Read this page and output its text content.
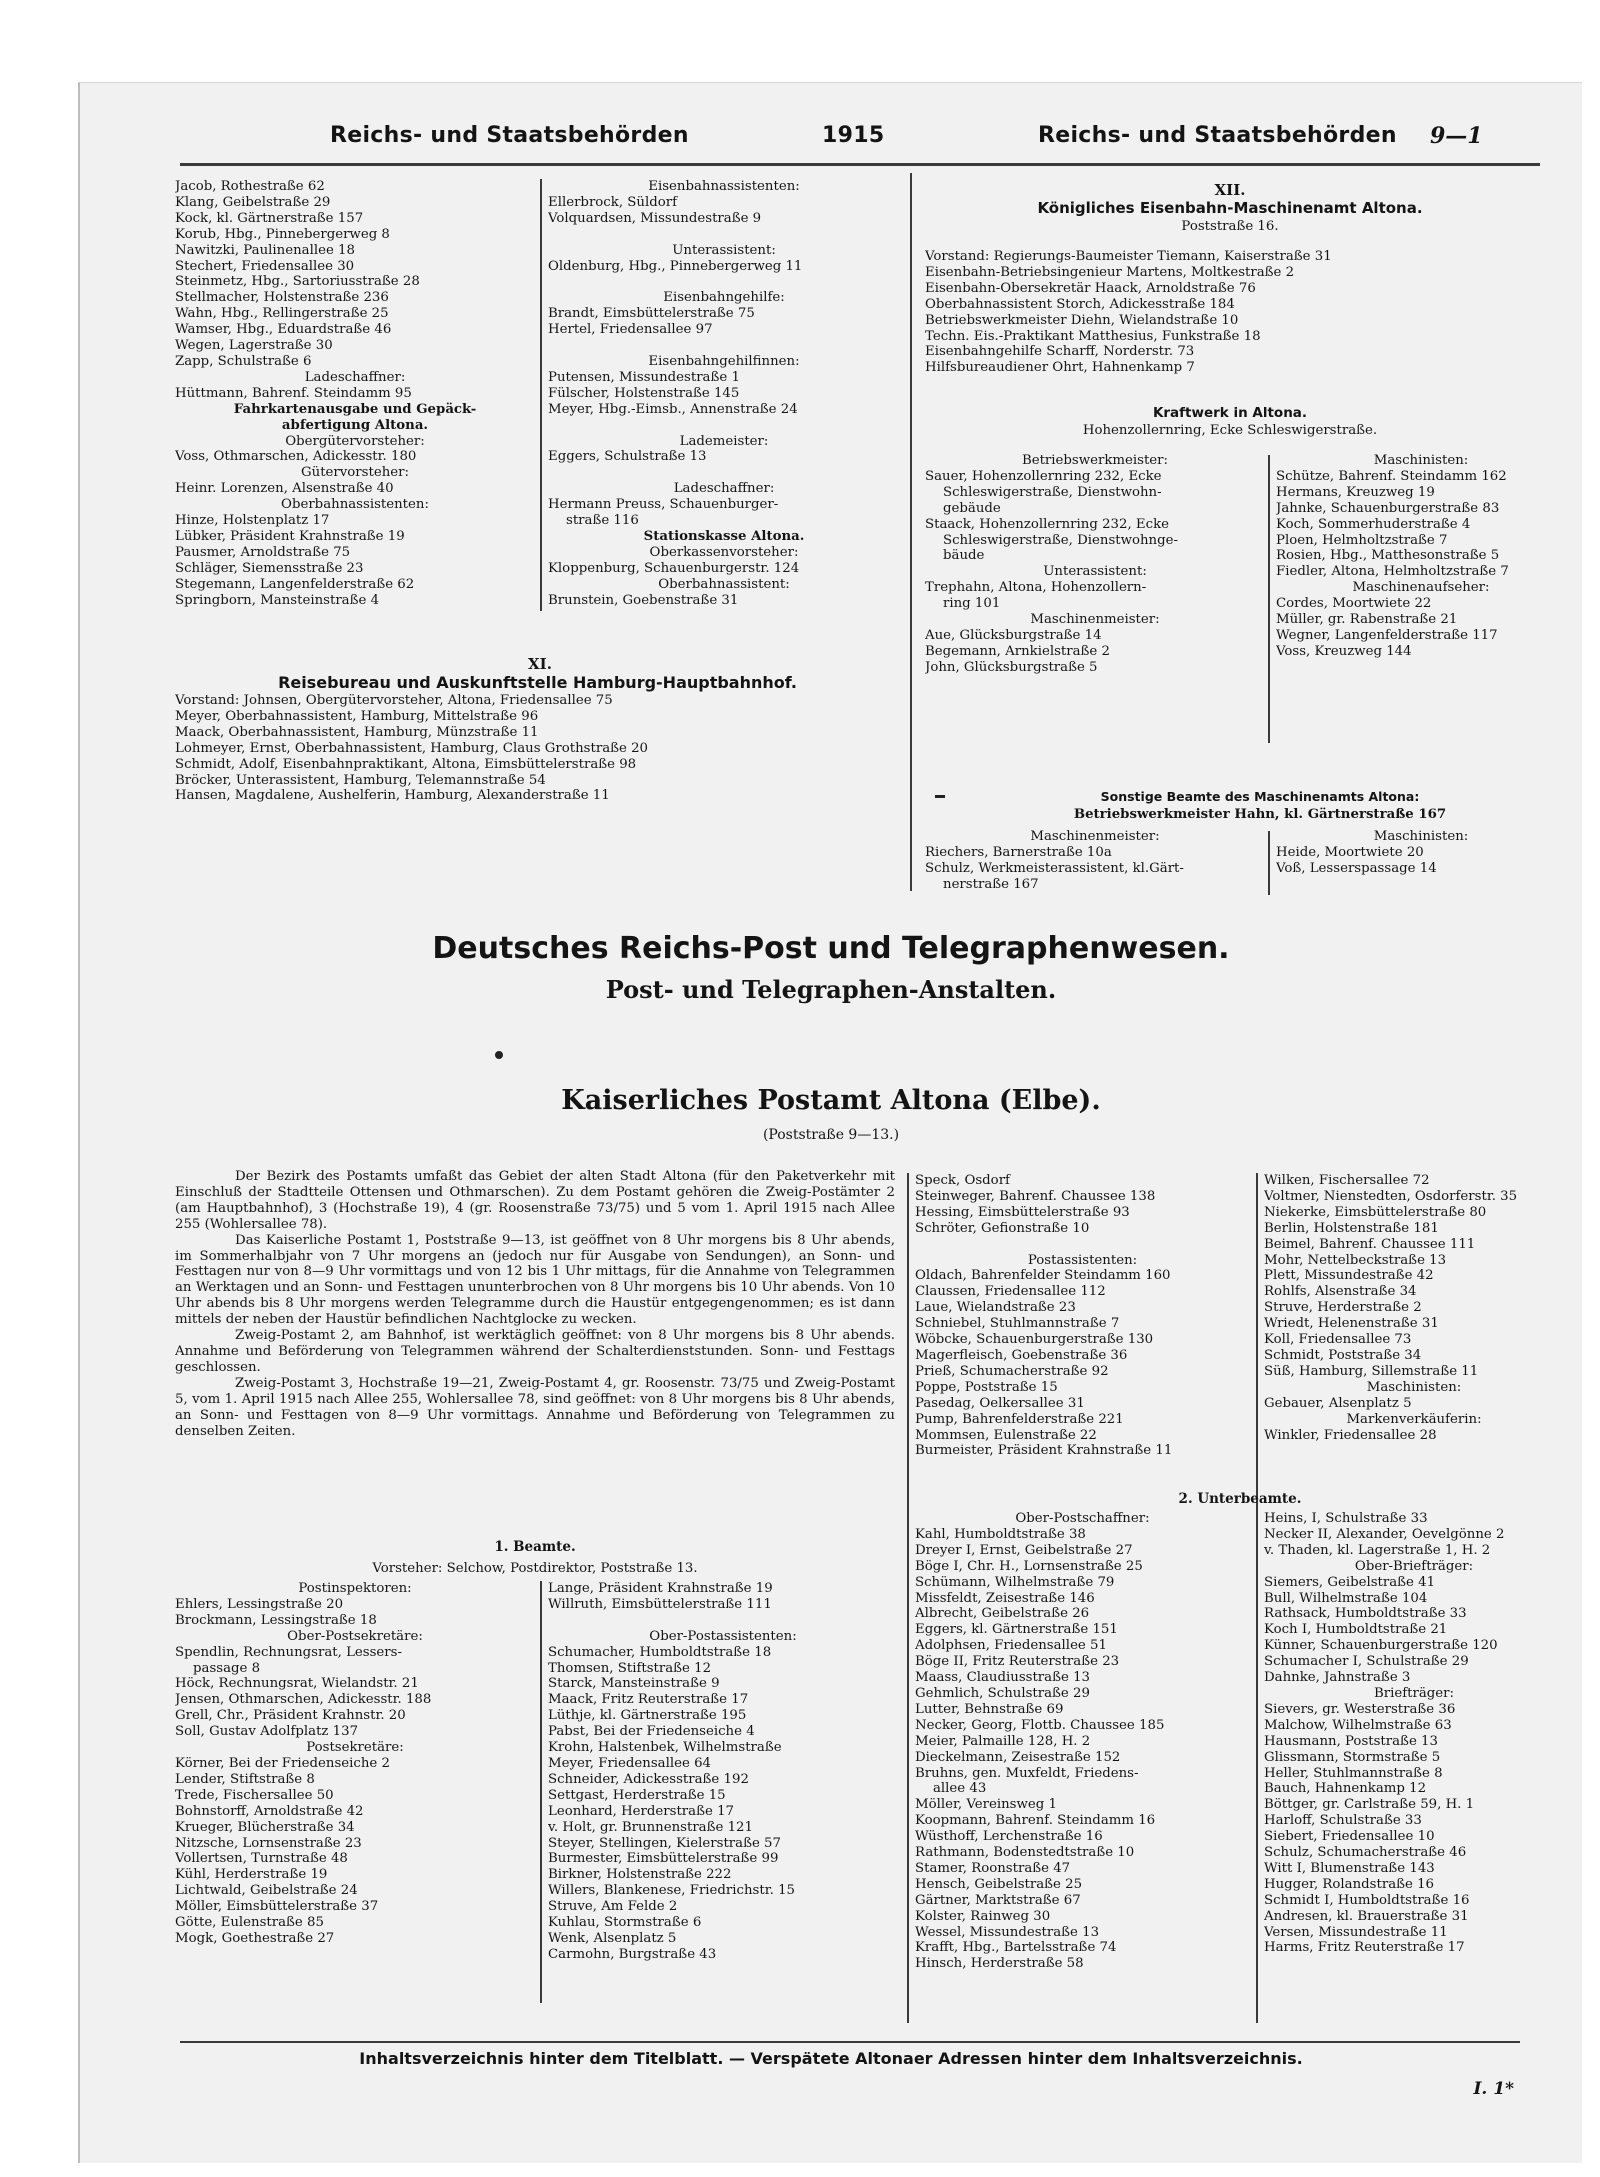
Reichs- und Staatsbehörden	1915	Reichs- und Staatsbehörden 9—1
Jacob, Rothestraße 62
Klang, Geibelstraße 29
Kock, kl. Gärtnerstraße 157
Korub, Hbg., Pinnebergerweg 8
Nawitzki, Paulinenallee 18
Stechert, Friedensallee 30
Steinmetz, Hbg., Sartoriusstraße 28
Stellmacher, Holstenstraße 236
Wahn, Hbg., Rellingerstraße 25
Wamser, Hbg., Eduardstraße 46
Wegen, Lagerstraße 30
Zapp, Schulstraße 6
Ladeschaffner:
Hüttmann, Bahrenf. Steindamm 95
Fahrkartenausgabe und Gepäck-
abfertigung Altona.
Obergütervorsteher:
Voss, Othmarschen, Adickesstr. 180
Gütervorsteher:
Heinr. Lorenzen, Alsenstraße 40
Oberbahnassistenten:
Hinze, Holstenplatz 17
Lübker, Präsident Krahnstraße 19
Pausmer, Arnoldstraße 75
Schläger, Siemensstraße 23
Stegemann, Langenfelderstraße 62
Springborn, Mansteinstraße 4
Eisenbahnassistenten:
Ellerbrock, Süldorf
Volquardsen, Missundestraße 9

Unterassistent:
Oldenburg, Hbg., Pinnebergerweg 11

Eisenbahngehilfe:
Brandt, Eimsbüttelerstraße 75
Hertel, Friedensallee 97

Eisenbahngehilfinnen:
Putensen, Missundestraße 1
Fülscher, Holstenstraße 145
Meyer, Hbg.-Eimsb., Annenstraße 24

Lademeister:
Eggers, Schulstraße 13

Ladeschaffner:
Hermann Preuss, Schauenburger-
straße 116
Stationskasse Altona.
Oberkassenvorsteher:
Kloppenburg, Schauenburgerstr. 124
Oberbahnassistent:
Brunstein, Goebenstraße 31
XI.
Reisebureau und Auskunftstelle Hamburg-Hauptbahnhof.
Vorstand: Johnsen, Obergütervorsteher, Altona, Friedensallee 75
Meyer, Oberbahnassistent, Hamburg, Mittelstraße 96
Maack, Oberbahnassistent, Hamburg, Münzstraße 11
Lohmeyer, Ernst, Oberbahnassistent, Hamburg, Claus Grothstraße 20
Schmidt, Adolf, Eisenbahnpraktikant, Altona, Eimsbüttelerstraße 98
Bröcker, Unterassistent, Hamburg, Telemannstraße 54
Hansen, Magdalene, Aushelferin, Hamburg, Alexanderstraße 11
XII.
Königliches Eisenbahn-Maschinenamt Altona.
Poststraße 16.
Vorstand: Regierungs-Baumeister Tiemann, Kaiserstraße 31
Eisenbahn-Betriebsingenieur Martens, Moltkestraße 2
Eisenbahn-Obersekretär Haack, Arnoldstraße 76
Oberbahnassistent Storch, Adickesstraße 184
Betriebswerkmeister Diehn, Wielandstraße 10
Techn. Eis.-Praktikant Matthesius, Funkstraße 18
Eisenbahngehilfe Scharff, Norderstr. 73
Hilfsbureaudiener Ohrt, Hahnenkamp 7
Kraftwerk in Altona.
Hohenzollernring, Ecke Schleswigerstraße.
Betriebswerkmeister:
Sauer, Hohenzollernring 232, Ecke
Schleswigerstraße, Dienstwohn-
gebäude
Staack, Hohenzollernring 232, Ecke
Schleswigerstraße, Dienstwohnge-
bäude
Unterassistent:
Trephahn, Altona, Hohenzollern-
ring 101
Maschinenmeister:
Aue, Glücksburgstraße 14
Begemann, Arnkielstraße 2
John, Glücksburgstraße 5
Maschinisten:
Schütze, Bahrenf. Steindamm 162
Hermans, Kreuzweg 19
Jahnke, Schauenburgerstraße 83
Koch, Sommerhuderstraße 4
Ploen, Helmholtzstraße 7
Rosien, Hbg., Matthesonstraße 5
Fiedler, Altona, Helmholtzstraße 7
Maschinenaufseher:
Cordes, Moortwiete 22
Müller, gr. Rabenstraße 21
Wegner, Langenfelderstraße 117
Voss, Kreuzweg 144
Sonstige Beamte des Maschinenamts Altona:
Betriebswerkmeister Hahn, kl. Gärtnerstraße 167
Maschinenmeister:
Riechers, Barnerstraße 10a
Schulz, Werkmeisterassistent, kl.Gärt-
nerstraße 167
Maschinisten:
Heide, Moortwiete 20
Voß, Lesserspassage 14
Deutsches Reichs-Post und Telegraphenwesen.
Post- und Telegraphen-Anstalten.
Kaiserliches Postamt Altona (Elbe).
(Poststraße 9—13.)
Der Bezirk des Postamts umfaßt das Gebiet der alten Stadt Altona (für den Paketverkehr mit Einschluß der Stadtteile Ottensen und Othmarschen). Zu dem Postamt gehören die Zweig-Postämter 2 (am Hauptbahnhof), 3 (Hochstraße 19), 4 (gr. Roosenstraße 73/75) und 5 vom 1. April 1915 nach Allee 255 (Wohlersallee 78).
Das Kaiserliche Postamt 1, Poststraße 9—13, ist geöffnet von 8 Uhr morgens bis 8 Uhr abends, im Sommerhalbjahr von 7 Uhr morgens an (jedoch nur für Ausgabe von Sendungen), an Sonn- und Festtagen nur von 8—9 Uhr vormittags und von 12 bis 1 Uhr mittags, für die Annahme von Telegrammen an Werktagen und an Sonn- und Festtagen ununterbrochen von 8 Uhr morgens bis 10 Uhr abends. Von 10 Uhr abends bis 8 Uhr morgens werden Telegramme durch die Haustür entgegengenommen; es ist dann mittels der neben der Haustür befindlichen Nachtglocke zu wecken.
Zweig-Postamt 2, am Bahnhof, ist werktäglich geöffnet: von 8 Uhr morgens bis 8 Uhr abends. Annahme und Beförderung von Telegrammen während der Schalterdienststunden. Sonn- und Festtags geschlossen.
Zweig-Postamt 3, Hochstraße 19—21, Zweig-Postamt 4, gr. Roosenstr. 73/75 und Zweig-Postamt 5, vom 1. April 1915 nach Allee 255, Wohlersallee 78, sind geöffnet: von 8 Uhr morgens bis 8 Uhr abends, an Sonn- und Festtagen von 8—9 Uhr vormittags. Annahme und Beförderung von Telegrammen zu denselben Zeiten.
1. Beamte.
Vorsteher: Selchow, Postdirektor, Poststraße 13.
Postinspektoren:
Ehlers, Lessingstraße 20
Brockmann, Lessingstraße 18
Ober-Postsekretäre:
Spendlin, Rechnungsrat, Lessers-
passage 8
Höck, Rechnungsrat, Wielandstr. 21
Jensen, Othmarschen, Adickesstr. 188
Grell, Chr., Präsident Krahnstr. 20
Soll, Gustav Adolfplatz 137
Postsekretäre:
Körner, Bei der Friedenseiche 2
Lender, Stiftstraße 8
Trede, Fischersallee 50
Bohnstorff, Arnoldstraße 42
Krueger, Blücherstraße 34
Nitzsche, Lornsenstraße 23
Vollertsen, Turnstraße 48
Kühl, Herderstraße 19
Lichtwald, Geibelstraße 24
Möller, Eimsbüttelerstraße 37
Götte, Eulenstraße 85
Mogk, Goethestraße 27
Lange, Präsident Krahnstraße 19
Willruth, Eimsbüttelerstraße 111

Ober-Postassistenten:
Schumacher, Humboldtstraße 18
Thomsen, Stiftstraße 12
Starck, Mansteinstraße 9
Maack, Fritz Reuterstraße 17
Lüthje, kl. Gärtnerstraße 195
Pabst, Bei der Friedenseiche 4
Krohn, Halstenbek, Wilhelmstraße
Meyer, Friedensallee 64
Schneider, Adickesstraße 192
Settgast, Herderstraße 15
Leonhard, Herderstraße 17
v. Holt, gr. Brunnenstraße 121
Steyer, Stellingen, Kielerstraße 57
Burmester, Eimsbüttelerstraße 99
Birkner, Holstenstraße 222
Willers, Blankenese, Friedrichstr. 15
Struve, Am Felde 2
Kuhlau, Stormstraße 6
Wenk, Alsenplatz 5
Carmohn, Burgstraße 43
Speck, Osdorf
Steinweger, Bahrenf. Chaussee 138
Hessing, Eimsbüttelerstraße 93
Schröter, Gefionstraße 10

Postassistenten:
Oldach, Bahrenfelder Steindamm 160
Claussen, Friedensallee 112
Laue, Wielandstraße 23
Schniebel, Stuhlmannstraße 7
Wöbcke, Schauenburgerstraße 130
Magerfleisch, Goebenstraße 36
Prieß, Schumacherstraße 92
Poppe, Poststraße 15
Pasedag, Oelkersallee 31
Pump, Bahrenfelderstraße 221
Mommsen, Eulenstraße 22
Burmeister, Präsident Krahnstraße 11
Wilken, Fischersallee 72
Voltmer, Nienstedten, Osdorferstr. 35
Niekerke, Eimsbüttelerstraße 80
Berlin, Holstenstraße 181
Beimel, Bahrenf. Chaussee 111
Mohr, Nettelbeckstraße 13
Plett, Missundestraße 42
Rohlfs, Alsenstraße 34
Struve, Herderstraße 2
Wriedt, Helenenstraße 31
Koll, Friedensallee 73
Schmidt, Poststraße 34
Süß, Hamburg, Sillemstraße 11
Maschinisten:
Gebauer, Alsenplatz 5
Markenverkäuferin:
Winkler, Friedensallee 28
2. Unterbeamte.
Ober-Postschaffner:
Kahl, Humboldtstraße 38
Dreyer I, Ernst, Geibelstraße 27
Böge I, Chr. H., Lornsenstraße 25
Schümann, Wilhelmstraße 79
Missfeldt, Zeisestraße 146
Albrecht, Geibelstraße 26
Eggers, kl. Gärtnerstraße 151
Adolphsen, Friedensallee 51
Böge II, Fritz Reuterstraße 23
Maass, Claudiusstraße 13
Gehmlich, Schulstraße 29
Lutter, Behnstraße 69
Necker, Georg, Flottb. Chaussee 185
Meier, Palmaille 128, H. 2
Dieckelmann, Zeisestraße 152
Bruhns, gen. Muxfeldt, Friedens-
allee 43
Möller, Vereinsweg 1
Koopmann, Bahrenf. Steindamm 16
Wüsthoff, Lerchenstraße 16
Rathmann, Bodenstedtstraße 10
Stamer, Roonstraße 47
Hensch, Geibelstraße 25
Gärtner, Marktstraße 67
Kolster, Rainweg 30
Wessel, Missundestraße 13
Krafft, Hbg., Bartelsstraße 74
Hinsch, Herderstraße 58
Heins, I, Schulstraße 33
Necker II, Alexander, Oevelgönne 2
v. Thaden, kl. Lagerstraße 1, H. 2
Ober-Briefträger:
Siemers, Geibelstraße 41
Bull, Wilhelmstraße 104
Rathsack, Humboldtstraße 33
Koch I, Humboldtstraße 21
Künner, Schauenburgerstraße 120
Schumacher I, Schulstraße 29
Dahnke, Jahnstraße 3
Briefträger:
Sievers, gr. Westerstraße 36
Malchow, Wilhelmstraße 63
Hausmann, Poststraße 13
Glissmann, Stormstraße 5
Heller, Stuhlmannstraße 8
Bauch, Hahnenkamp 12
Böttger, gr. Carlstraße 59, H. 1
Harloff, Schulstraße 33
Siebert, Friedensallee 10
Schulz, Schumacherstraße 46
Witt I, Blumenstraße 143
Hugger, Rolandstraße 16
Schmidt I, Humboldtstraße 16
Andresen, kl. Brauerstraße 31
Versen, Missundestraße 11
Harms, Fritz Reuterstraße 17
Inhaltsverzeichnis hinter dem Titelblatt. — Verspätete Altonaer Adressen hinter dem Inhaltsverzeichnis.
I. 1*
